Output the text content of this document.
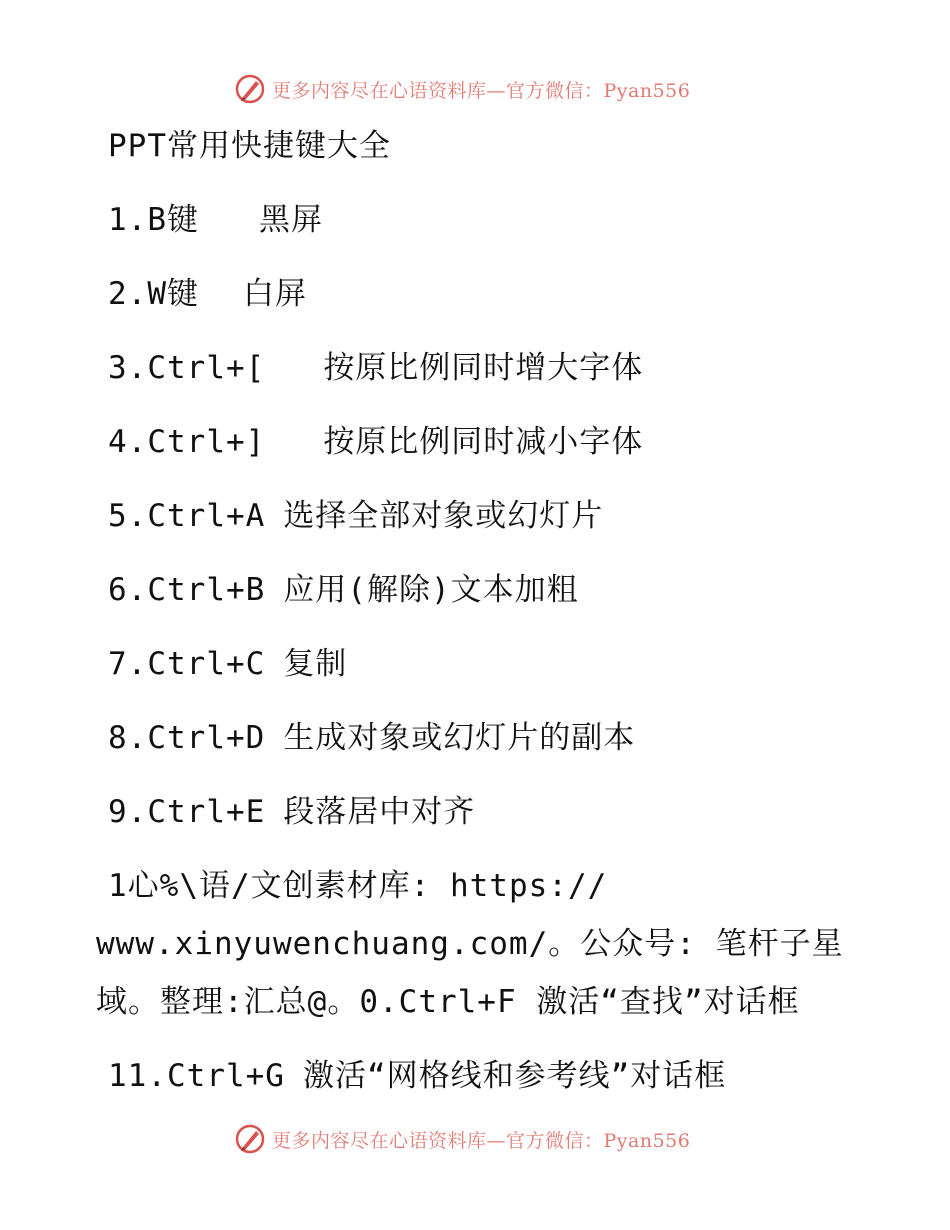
更多内容尽在心语资料库—官方微信：Pyan556
PPT常用快捷键大全
1.B键 黑屏
2.W键 白屏
3.Ctrl+[ 按原比例同时增大字体
4.Ctrl+] 按原比例同时减小字体
5.Ctrl+A 选择全部对象或幻灯片
6.Ctrl+B 应用(解除)文本加粗
7.Ctrl+C 复制
8.Ctrl+D 生成对象或幻灯片的副本
9.Ctrl+E 段落居中对齐
1心%\语/文创素材库: https://
www.xinyuwenchuang.com/。公众号: 笔杆子星
域。整理:汇总@。0.Ctrl+F 激活“查找”对话框
11.Ctrl+G 激活“网格线和参考线”对话框
更多内容尽在心语资料库—官方微信：Pyan556
